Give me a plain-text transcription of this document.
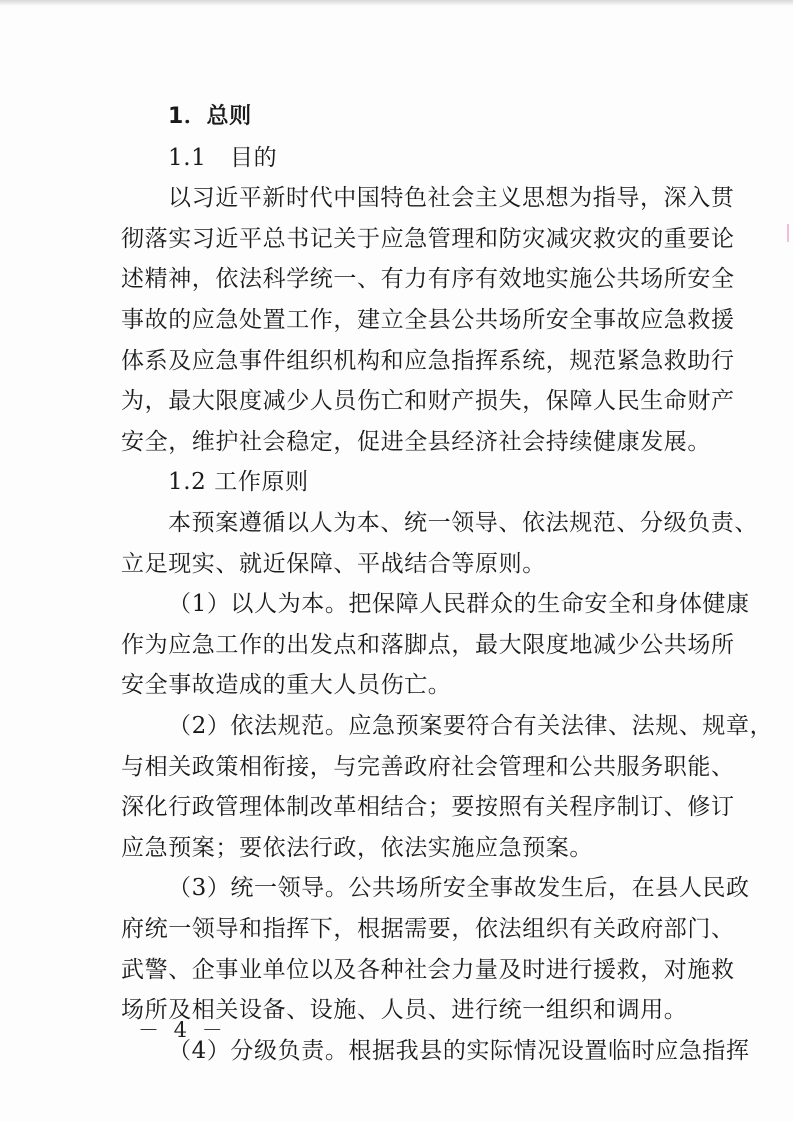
1．总则
1.1　目的
以习近平新时代中国特色社会主义思想为指导，深入贯
彻落实习近平总书记关于应急管理和防灾减灾救灾的重要论
述精神，依法科学统一、有力有序有效地实施公共场所安全
事故的应急处置工作，建立全县公共场所安全事故应急救援
体系及应急事件组织机构和应急指挥系统，规范紧急救助行
为，最大限度减少人员伤亡和财产损失，保障人民生命财产
安全，维护社会稳定，促进全县经济社会持续健康发展。
1.2 工作原则
本预案遵循以人为本、统一领导、依法规范、分级负责、
立足现实、就近保障、平战结合等原则。
（1）以人为本。把保障人民群众的生命安全和身体健康
作为应急工作的出发点和落脚点，最大限度地减少公共场所
安全事故造成的重大人员伤亡。
（2）依法规范。应急预案要符合有关法律、法规、规章，
与相关政策相衔接，与完善政府社会管理和公共服务职能、
深化行政管理体制改革相结合；要按照有关程序制订、修订
应急预案；要依法行政，依法实施应急预案。
（3）统一领导。公共场所安全事故发生后，在县人民政
府统一领导和指挥下，根据需要，依法组织有关政府部门、
武警、企事业单位以及各种社会力量及时进行援救，对施救
场所及相关设备、设施、人员、进行统一组织和调用。
（4）分级负责。根据我县的实际情况设置临时应急指挥
－ 4 －
